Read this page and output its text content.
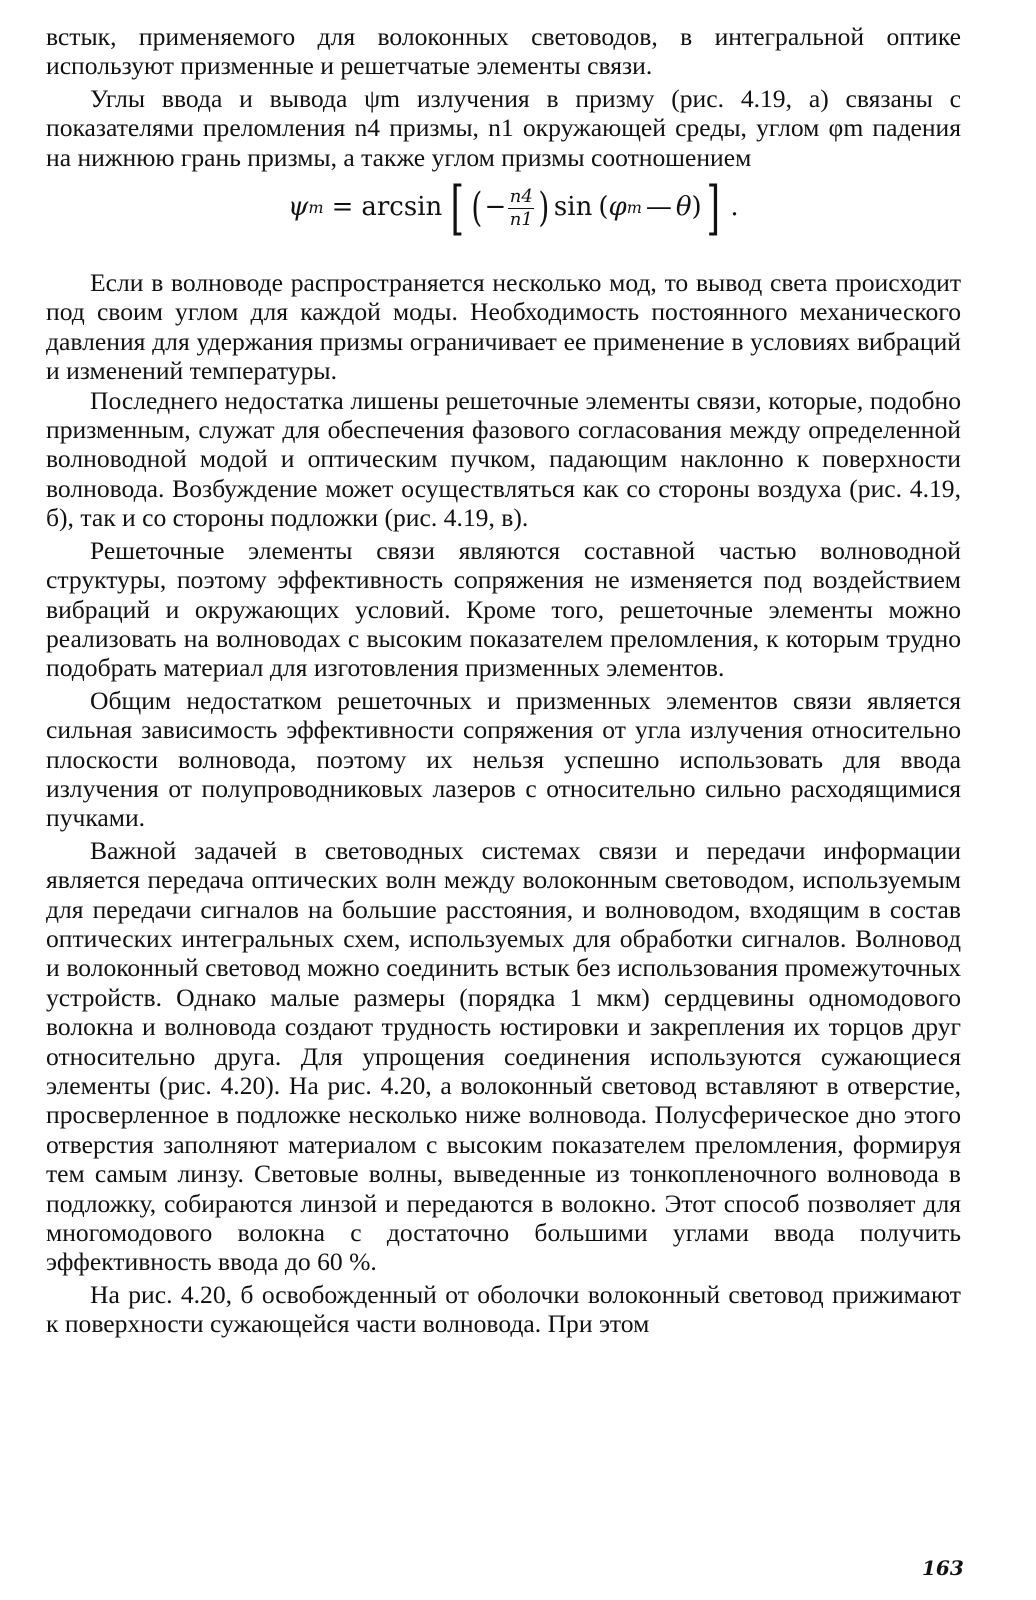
встык, применяемого для волоконных световодов, в интегральной оптике используют призменные и решетчатые элементы связи.

Углы ввода и вывода ψm излучения в призму (рис. 4.19, а) связаны с показателями преломления n4 призмы, n1 окружающей среды, углом φm падения на нижнюю грань призмы, а также углом призмы соотношением

ψ m = arcsin [ ( − $\frac{n4}{n1}$ ) sin ( φ m — θ ) ] .

Если в волноводе распространяется несколько мод, то вывод света происходит под своим углом для каждой моды. Необходимость постоянного механического давления для удержания призмы ограничивает ее применение в условиях вибраций и изменений температуры.

Последнего недостатка лишены решеточные элементы связи, которые, подобно призменным, служат для обеспечения фазового согласования между определенной волноводной модой и оптическим пучком, падающим наклонно к поверхности волновода. Возбуждение может осуществляться как со стороны воздуха (рис. 4.19, б), так и со стороны подложки (рис. 4.19, в).

Решеточные элементы связи являются составной частью волноводной структуры, поэтому эффективность сопряжения не изменяется под воздействием вибраций и окружающих условий. Кроме того, решеточные элементы можно реализовать на волноводах с высоким показателем преломления, к которым трудно подобрать материал для изготовления призменных элементов.

Общим недостатком решеточных и призменных элементов связи является сильная зависимость эффективности сопряжения от угла излучения относительно плоскости волновода, поэтому их нельзя успешно использовать для ввода излучения от полупроводниковых лазеров с относительно сильно расходящимися пучками.

Важной задачей в световодных системах связи и передачи информации является передача оптических волн между волоконным световодом, используемым для передачи сигналов на большие расстояния, и волноводом, входящим в состав оптических интегральных схем, используемых для обработки сигналов. Волновод и волоконный световод можно соединить встык без использования промежуточных устройств. Однако малые размеры (порядка 1 мкм) сердцевины одномодового волокна и волновода создают трудность юстировки и закрепления их торцов друг относительно друга. Для упрощения соединения используются сужающиеся элементы (рис. 4.20). На рис. 4.20, а волоконный световод вставляют в отверстие, просверленное в подложке несколько ниже волновода. Полусферическое дно этого отверстия заполняют материалом с высоким показателем преломления, формируя тем самым линзу. Световые волны, выведенные из тонкопленочного волновода в подложку, собираются линзой и передаются в волокно. Этот способ позволяет для многомодового волокна с достаточно большими углами ввода получить эффективность ввода до 60 %.

На рис. 4.20, б освобожденный от оболочки волоконный световод прижимают к поверхности сужающейся части волновода. При этом

163
